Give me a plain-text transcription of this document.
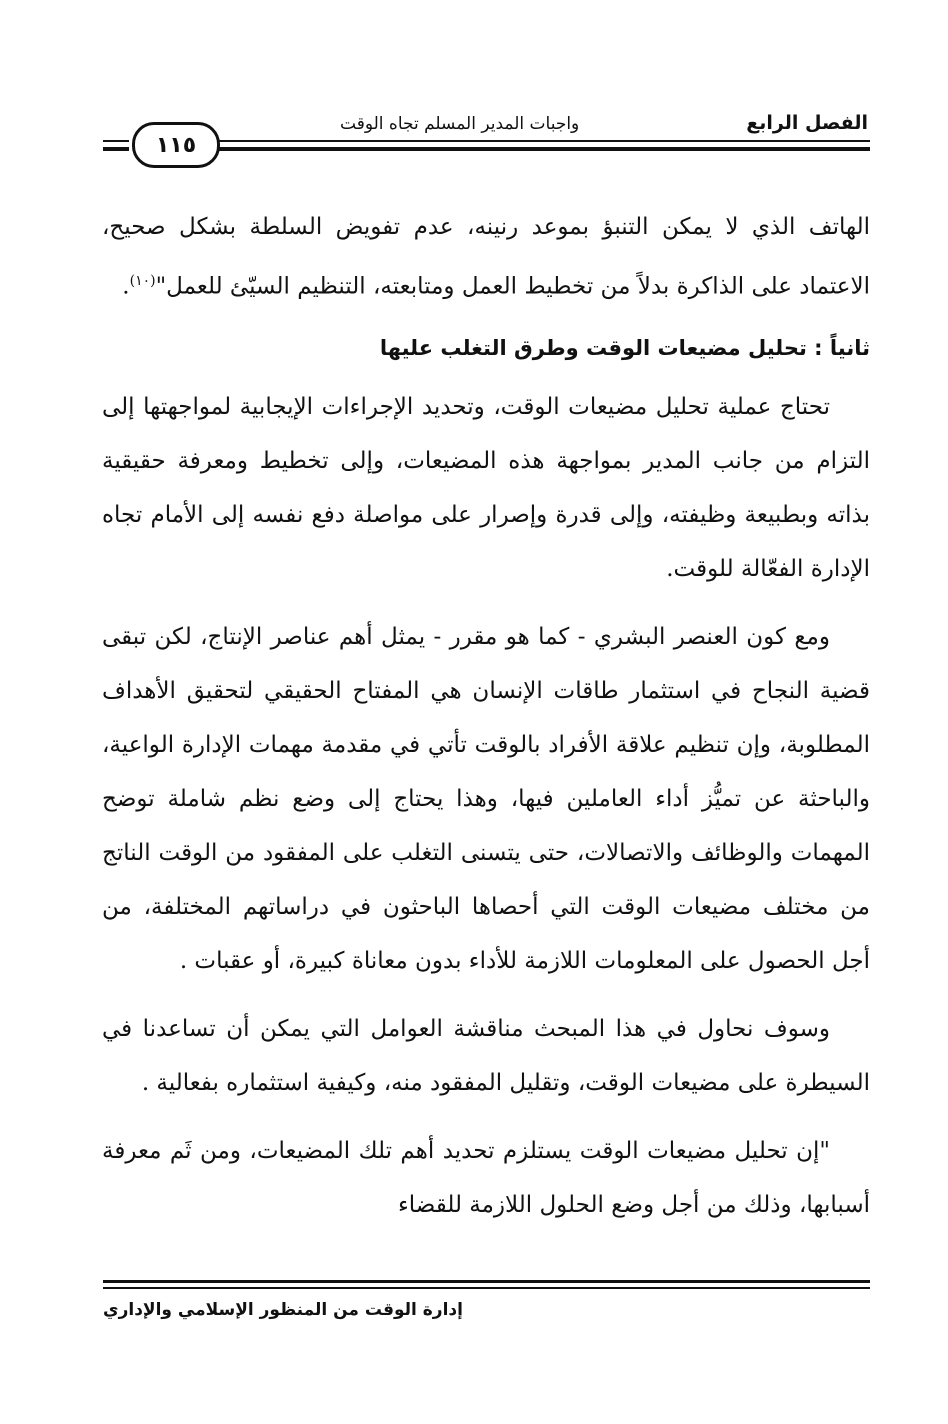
الفصل الرابع
واجبات المدير المسلم تجاه الوقت
١١٥

الهاتف الذي لا يمكن التنبؤ بموعد رنينه، عدم تفويض السلطة بشكل صحيح، الاعتماد على الذاكرة بدلاً من تخطيط العمل ومتابعته، التنظيم السيّئ للعمل"$^{(١٠)}$.

ثانياً : تحليل مضيعات الوقت وطرق التغلب عليها

تحتاج عملية تحليل مضيعات الوقت، وتحديد الإجراءات الإيجابية لمواجهتها إلى التزام من جانب المدير بمواجهة هذه المضيعات، وإلى تخطيط ومعرفة حقيقية بذاته وبطبيعة وظيفته، وإلى قدرة وإصرار على مواصلة دفع نفسه إلى الأمام تجاه الإدارة الفعّالة للوقت.

ومع كون العنصر البشري - كما هو مقرر - يمثل أهم عناصر الإنتاج، لكن تبقى قضية النجاح في استثمار طاقات الإنسان هي المفتاح الحقيقي لتحقيق الأهداف المطلوبة، وإن تنظيم علاقة الأفراد بالوقت تأتي في مقدمة مهمات الإدارة الواعية، والباحثة عن تميُّز أداء العاملين فيها، وهذا يحتاج إلى وضع نظم شاملة توضح المهمات والوظائف والاتصالات، حتى يتسنى التغلب على المفقود من الوقت الناتج من مختلف مضيعات الوقت التي أحصاها الباحثون في دراساتهم المختلفة، من أجل الحصول على المعلومات اللازمة للأداء بدون معاناة كبيرة، أو عقبات .

وسوف نحاول في هذا المبحث مناقشة العوامل التي يمكن أن تساعدنا في السيطرة على مضيعات الوقت، وتقليل المفقود منه، وكيفية استثماره بفعالية .

"إن تحليل مضيعات الوقت يستلزم تحديد أهم تلك المضيعات، ومن ثَم معرفة أسبابها، وذلك من أجل وضع الحلول اللازمة للقضاء

إدارة الوقت من المنظور الإسلامي والإداري
